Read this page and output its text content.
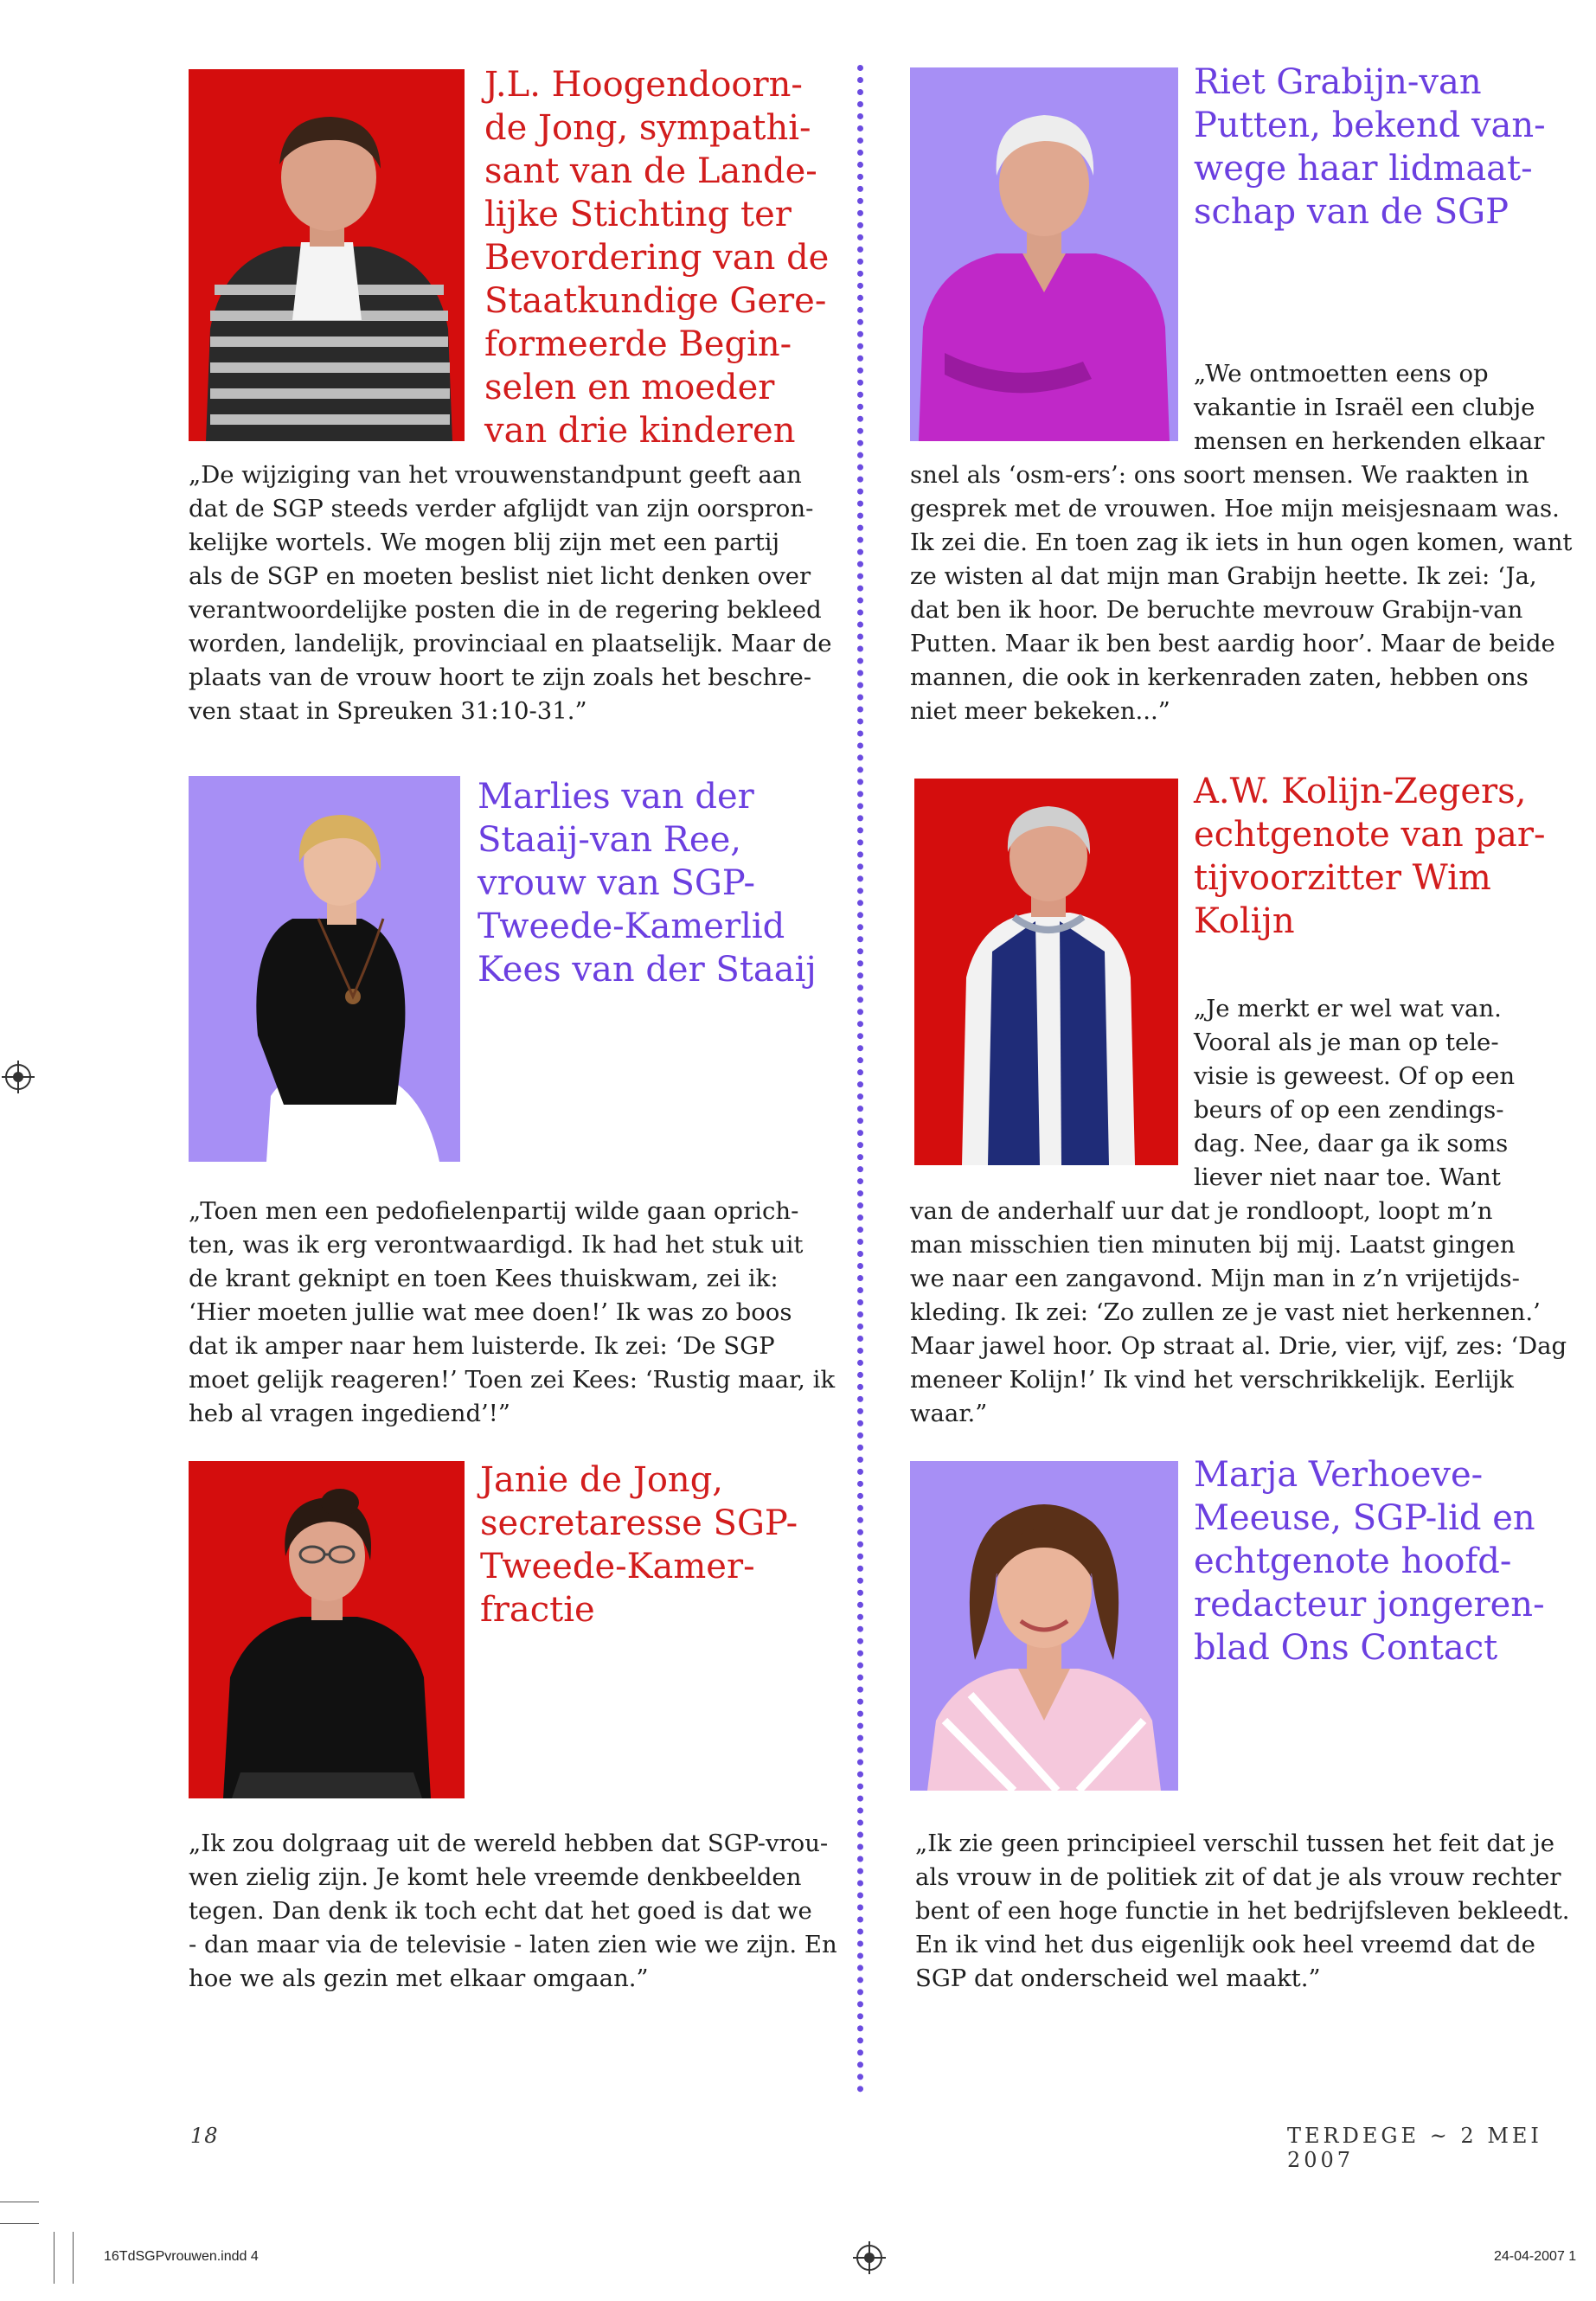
J.L. Hoogendoorn-
de Jong, sympathi-
sant van de Lande-
lijke Stichting ter
Bevordering van de
Staatkundige Gere-
formeerde Begin-
selen en moeder
van drie kinderen
„De wijziging van het vrouwenstandpunt geeft aan
dat de SGP steeds verder afglijdt van zijn oorspron-
kelijke wortels. We mogen blij zijn met een partij
als de SGP en moeten beslist niet licht denken over
verantwoordelijke posten die in de regering bekleed
worden, landelijk, provinciaal en plaatselijk. Maar de
plaats van de vrouw hoort te zijn zoals het beschre-
ven staat in Spreuken 31:10-31.”
Riet Grabijn-van
Putten, bekend van-
wege haar lidmaat-
schap van de SGP
„We ontmoetten eens op
vakantie in Israël een clubje
mensen en herkenden elkaar
snel als ‘osm-ers’: ons soort mensen. We raakten in
gesprek met de vrouwen. Hoe mijn meisjesnaam was.
Ik zei die. En toen zag ik iets in hun ogen komen, want
ze wisten al dat mijn man Grabijn heette. Ik zei: ‘Ja,
dat ben ik hoor. De beruchte mevrouw Grabijn-van
Putten. Maar ik ben best aardig hoor’. Maar de beide
mannen, die ook in kerkenraden zaten, hebben ons
niet meer bekeken...”
Marlies van der
Staaij-van Ree,
vrouw van SGP-
Tweede-Kamerlid
Kees van der Staaij
„Toen men een pedofielenpartij wilde gaan oprich-
ten, was ik erg verontwaardigd. Ik had het stuk uit
de krant geknipt en toen Kees thuiskwam, zei ik:
‘Hier moeten jullie wat mee doen!’ Ik was zo boos
dat ik amper naar hem luisterde. Ik zei: ‘De SGP
moet gelijk reageren!’ Toen zei Kees: ‘Rustig maar, ik
heb al vragen ingediend’!”
A.W. Kolijn-Zegers,
echtgenote van par-
tijvoorzitter Wim
Kolijn
„Je merkt er wel wat van.
Vooral als je man op tele-
visie is geweest. Of op een
beurs of op een zendings-
dag. Nee, daar ga ik soms
liever niet naar toe. Want
van de anderhalf uur dat je rondloopt, loopt m’n
man misschien tien minuten bij mij. Laatst gingen
we naar een zangavond. Mijn man in z’n vrijetijds-
kleding. Ik zei: ‘Zo zullen ze je vast niet herkennen.’
Maar jawel hoor. Op straat al. Drie, vier, vijf, zes: ‘Dag
meneer Kolijn!’ Ik vind het verschrikkelijk. Eerlijk
waar.”
Janie de Jong,
secretaresse SGP-
Tweede-Kamer-
fractie
„Ik zou dolgraag uit de wereld hebben dat SGP-vrou-
wen zielig zijn. Je komt hele vreemde denkbeelden
tegen. Dan denk ik toch echt dat het goed is dat we
- dan maar via de televisie - laten zien wie we zijn. En
hoe we als gezin met elkaar omgaan.”
Marja Verhoeve-
Meeuse, SGP-lid en
echtgenote hoofd-
redacteur jongeren-
blad Ons Contact
„Ik zie geen principieel verschil tussen het feit dat je
als vrouw in de politiek zit of dat je als vrouw rechter
bent of een hoge functie in het bedrijfsleven bekleedt.
En ik vind het dus eigenlijk ook heel vreemd dat de
SGP dat onderscheid wel maakt.”
18	TERDEGE ~ 2 MEI 2007
16TdSGPvrouwen.indd 4	24-04-2007 1
